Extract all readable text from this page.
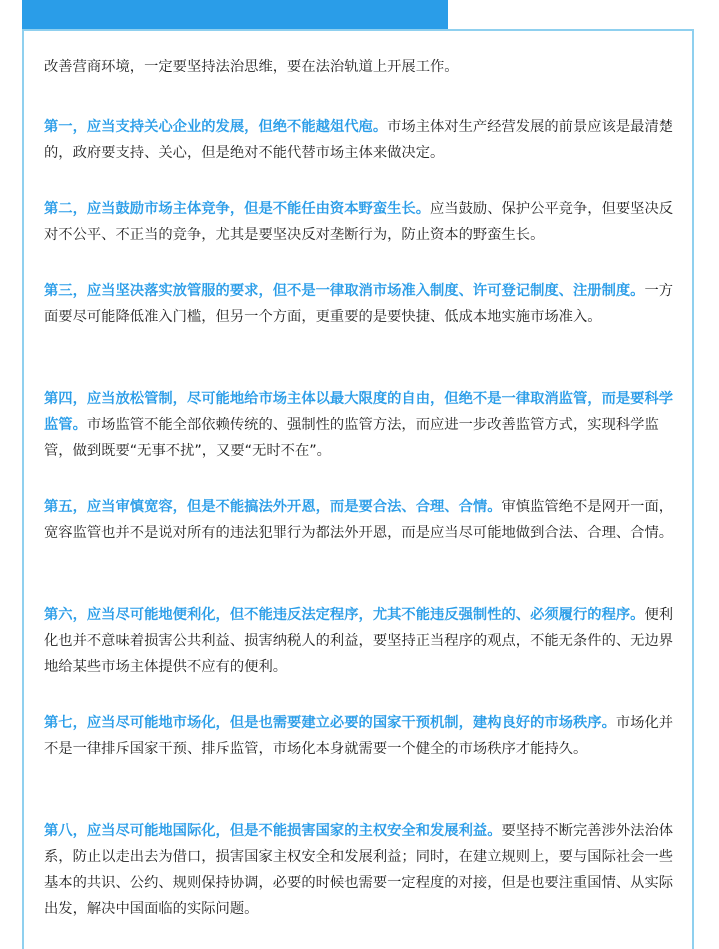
改善营商环境，一定要坚持法治思维，要在法治轨道上开展工作。

第一，应当支持关心企业的发展，但绝不能越俎代庖。市场主体对生产经营发展的前景应该是最清楚的，政府要支持、关心，但是绝对不能代替市场主体来做决定。

第二，应当鼓励市场主体竞争，但是不能任由资本野蛮生长。应当鼓励、保护公平竞争，但要坚决反对不公平、不正当的竞争，尤其是要坚决反对垄断行为，防止资本的野蛮生长。

第三，应当坚决落实放管服的要求，但不是一律取消市场准入制度、许可登记制度、注册制度。一方面要尽可能降低准入门槛，但另一个方面，更重要的是要快捷、低成本地实施市场准入。

第四，应当放松管制，尽可能地给市场主体以最大限度的自由，但绝不是一律取消监管，而是要科学监管。市场监管不能全部依赖传统的、强制性的监管方法，而应进一步改善监管方式，实现科学监管，做到既要“无事不扰”，又要“无时不在”。

第五，应当审慎宽容，但是不能搞法外开恩，而是要合法、合理、合情。审慎监管绝不是网开一面，宽容监管也并不是说对所有的违法犯罪行为都法外开恩，而是应当尽可能地做到合法、合理、合情。

第六，应当尽可能地便利化，但不能违反法定程序，尤其不能违反强制性的、必须履行的程序。便利化也并不意味着损害公共利益、损害纳税人的利益，要坚持正当程序的观点，不能无条件的、无边界地给某些市场主体提供不应有的便利。

第七，应当尽可能地市场化，但是也需要建立必要的国家干预机制，建构良好的市场秩序。市场化并不是一律排斥国家干预、排斥监管，市场化本身就需要一个健全的市场秩序才能持久。

第八，应当尽可能地国际化，但是不能损害国家的主权安全和发展利益。要坚持不断完善涉外法治体系，防止以走出去为借口，损害国家主权安全和发展利益；同时，在建立规则上，要与国际社会一些基本的共识、公约、规则保持协调，必要的时候也需要一定程度的对接，但是也要注重国情、从实际出发，解决中国面临的实际问题。
